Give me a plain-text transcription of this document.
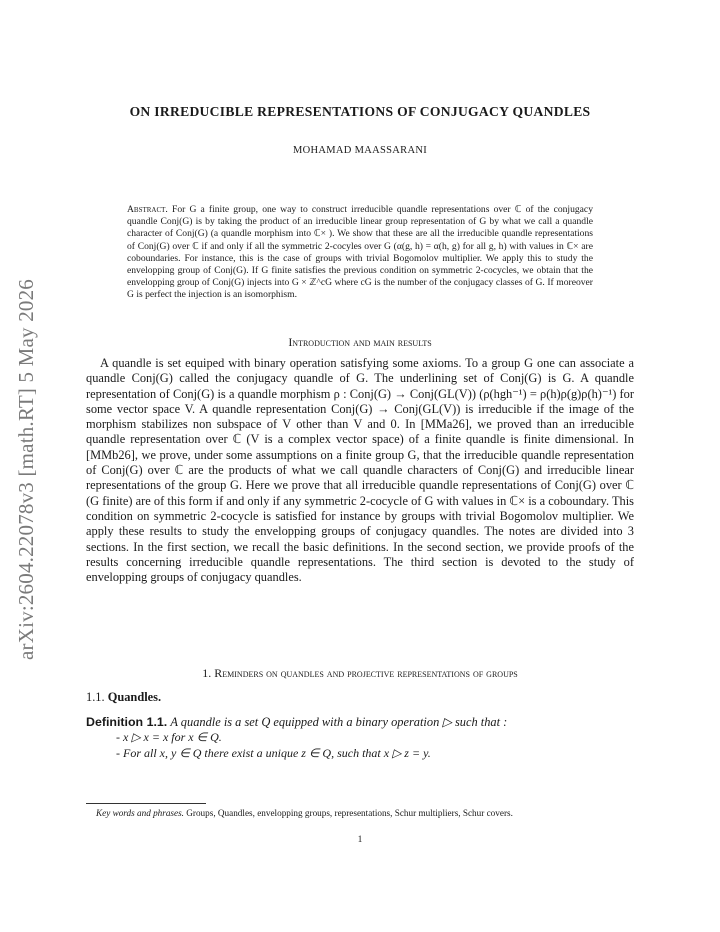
arXiv:2604.22078v3 [math.RT] 5 May 2026
ON IRREDUCIBLE REPRESENTATIONS OF CONJUGACY QUANDLES
MOHAMAD MAASSARANI
Abstract. For G a finite group, one way to construct irreducible quandle representations over ℂ of the conjugacy quandle Conj(G) is by taking the product of an irreducible linear group representation of G by what we call a quandle character of Conj(G) (a quandle morphism into ℂ× ). We show that these are all the irreducible quandle representations of Conj(G) over ℂ if and only if all the symmetric 2-cocyles over G (α(g, h) = α(h, g) for all g, h) with values in ℂ× are coboundaries. For instance, this is the case of groups with trivial Bogomolov multiplier. We apply this to study the envelopping group of Conj(G). If G finite satisfies the previous condition on symmetric 2-cocycles, we obtain that the envelopping group of Conj(G) injects into G × ℤ^cG where cG is the number of the conjugacy classes of G. If moreover G is perfect the injection is an isomorphism.
Introduction and main results
A quandle is set equiped with binary operation satisfying some axioms. To a group G one can associate a quandle Conj(G) called the conjugacy quandle of G. The underlining set of Conj(G) is G. A quandle representation of Conj(G) is a quandle morphism ρ : Conj(G) → Conj(GL(V)) (ρ(hgh⁻¹) = ρ(h)ρ(g)ρ(h)⁻¹) for some vector space V. A quandle representation Conj(G) → Conj(GL(V)) is irreducible if the image of the morphism stabilizes non subspace of V other than V and 0. In [MMa26], we proved than an irreducible quandle representation over ℂ (V is a complex vector space) of a finite quandle is finite dimensional. In [MMb26], we prove, under some assumptions on a finite group G, that the irreducible quandle representation of Conj(G) over ℂ are the products of what we call quandle characters of Conj(G) and irreducible linear representations of the group G. Here we prove that all irreducible quandle representations of Conj(G) over ℂ (G finite) are of this form if and only if any symmetric 2-cocycle of G with values in ℂ× is a coboundary. This condition on symmetric 2-cocycle is satisfied for instance by groups with trivial Bogomolov multiplier. We apply these results to study the envelopping groups of conjugacy quandles. The notes are divided into 3 sections. In the first section, we recall the basic definitions. In the second section, we provide proofs of the results concerning irreducible quandle representations. The third section is devoted to the study of envelopping groups of conjugacy quandles.
1. Reminders on quandles and projective representations of groups
1.1. Quandles.
Definition 1.1. A quandle is a set Q equipped with a binary operation ▷ such that :
- x ▷ x = x for x ∈ Q.
- For all x, y ∈ Q there exist a unique z ∈ Q, such that x ▷ z = y.
Key words and phrases. Groups, Quandles, envelopping groups, representations, Schur multipliers, Schur covers.
1
